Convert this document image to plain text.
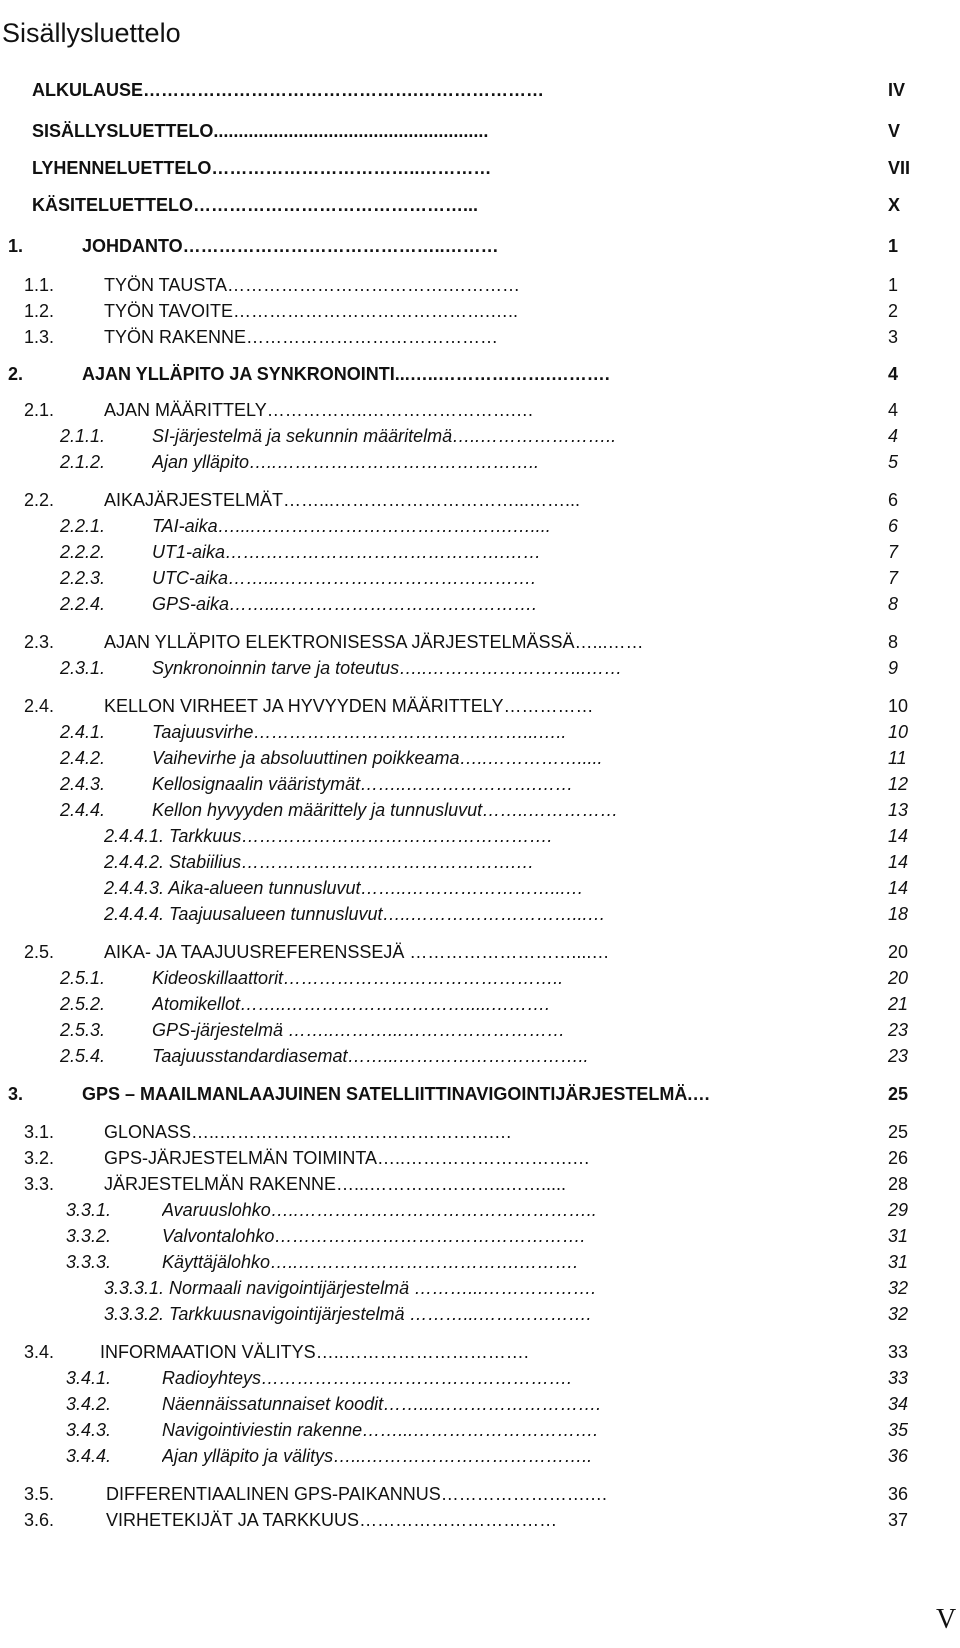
Sisällysluettelo
ALKULAUSE……………………………………….…………………	IV
SISÄLLYSLUETTELO.......................................................	V
LYHENNELUETTELO……………………………..…………	VII
KÄSITELUETTELO………………………………………...	X
1.	JOHDANTO……………………………………..………	1
1.1.	TYÖN TAUSTA……………………………….…………	1
1.2.	TYÖN TAVOITE…………………………………….…..	2
1.3.	TYÖN RAKENNE……………………………………	3
2.	AJAN YLLÄPITO JA SYNKRONOINTI...…..……………….……….	4
2.1.	AJAN MÄÄRITTELY……………..…………………….…	4
2.1.1.	SI-järjestelmä ja sekunnin määritelmä…..…………………..	4
2.1.2.	Ajan ylläpito…..……………………………………..	5
2.2.	AIKAJÄRJESTELMÄT……...…………………………...……...	6
2.2.1.	TAI-aika…....…………………………………….…....	6
2.2.2.	UT1-aika…….………………………………….……	7
2.2.3.	UTC-aika……...…………………………………….	7
2.2.4.	GPS-aika……...…………………………………….	8
2.3.	AJAN YLLÄPITO ELEKTRONISESSA JÄRJESTELMÄSSÄ…...……	8
2.3.1.	Synkronoinnin tarve ja toteutus…..……………………...……	9
2.4.	KELLON VIRHEET JA HYVYYDEN MÄÄRITTELY……………	10
2.4.1.	Taajuusvirhe………………………………………...…..	10
2.4.2.	Vaihevirhe ja absoluuttinen poikkeama…..…………….....	11
2.4.3.	Kellosignaalin vääristymät……..………………….……	12
2.4.4.	Kellon hyvyyden määrittely ja tunnusluvut……..……………	13
2.4.4.1. Tarkkuus…………………………………………….	14
2.4.4.2. Stabiilius……………………………………….…	14
2.4.4.3. Aika-alueen tunnusluvut……..……………………...…	14
2.4.4.4. Taajuusalueen tunnusluvut…..………………………...…	18
2.5.	AIKA- JA TAAJUUSREFERENSSEJÄ ………………………....…	20
2.5.1.	Kideoskillaattorit………………………………………..	20
2.5.2.	Atomikellot……..………………………….....……….	21
2.5.3.	GPS-järjestelmä ……..………...………………………	23
2.5.4.	Taajuusstandardiasemat……...…………………………..	23
3.	GPS – MAAILMANLAAJUINEN SATELLIITTINAVIGOINTIJÄRJESTELMÄ.…	25
3.1.	GLONASS…..……………………………………….…	25
3.2.	GPS-JÄRJESTELMÄN TOIMINTA…..……………………….…	26
3.3.	JÄRJESTELMÄN RAKENNE…...…………………..…….....	28
3.3.1.	Avaruuslohko…..…………………………………………..	29
3.3.2.	Valvontalohko…………………………………………….	31
3.3.3.	Käyttäjälohko…..……………………………….……….	31
3.3.3.1. Normaali navigointijärjestelmä ………...……………….	32
3.3.3.2. Tarkkuusnavigointijärjestelmä ………...……………….	32
3.4.	INFORMAATION VÄLITYS…..………………………….	33
3.4.1.	Radioyhteys…………………………………………….	33
3.4.2.	Näennäissatunnaiset koodit……...……………………….	34
3.4.3.	Navigointiviestin rakenne……...………………………….	35
3.4.4.	Ajan ylläpito ja välitys…...………………………………..	36
3.5.	DIFFERENTIAALINEN GPS-PAIKANNUS…………………….…	36
3.6.	VIRHETEKIJÄT JA TARKKUUS……………………………	37
V
